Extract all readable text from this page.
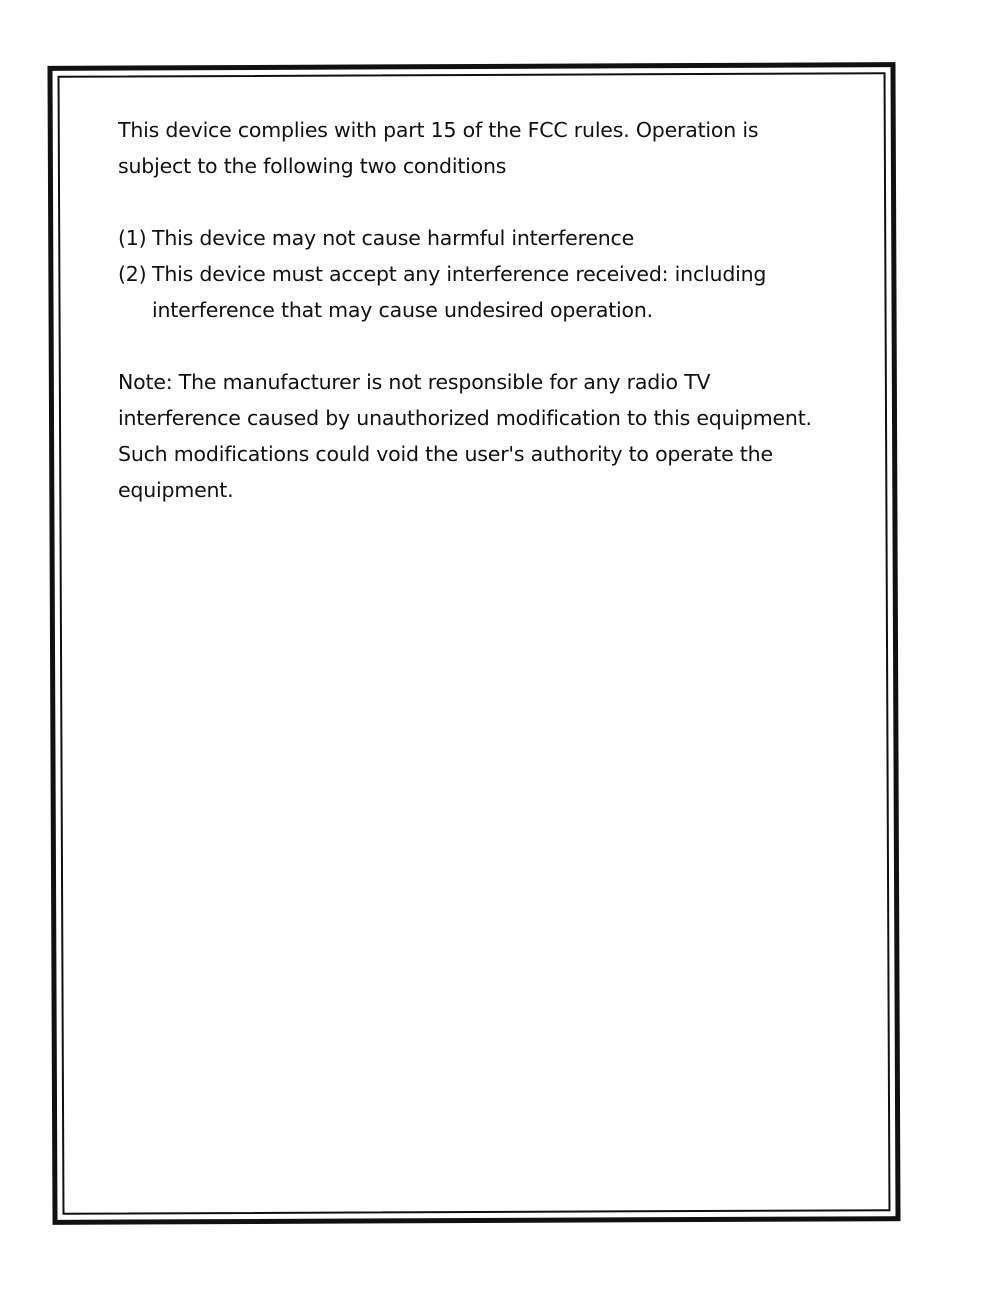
This device complies with part 15 of the FCC rules. Operation is

subject to the following two conditions

(1) This device may not cause harmful interference

(2) This device must accept any interference received: including

interference that may cause undesired operation.

Note: The manufacturer is not responsible for any radio TV

interference caused by unauthorized modification to this equipment.

Such modifications could void the user's authority to operate the

equipment.
